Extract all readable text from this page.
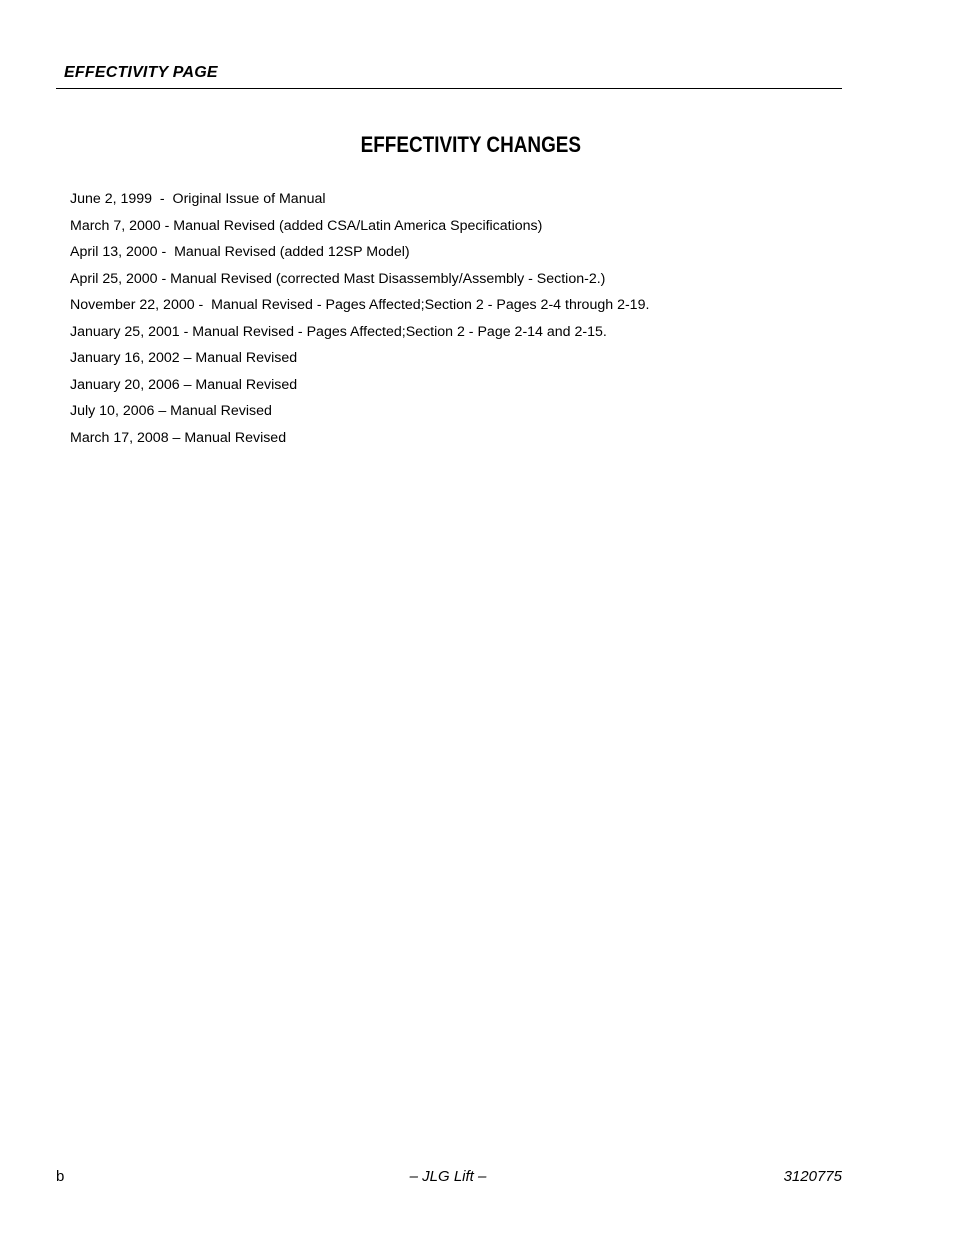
EFFECTIVITY PAGE
EFFECTIVITY CHANGES
June 2, 1999  -  Original Issue of Manual
March 7, 2000 - Manual Revised (added CSA/Latin America Specifications)
April 13, 2000 -  Manual Revised (added 12SP Model)
April 25, 2000 - Manual Revised (corrected Mast Disassembly/Assembly - Section-2.)
November 22, 2000 -  Manual Revised - Pages Affected;Section 2 - Pages 2-4 through 2-19.
January 25, 2001 - Manual Revised - Pages Affected;Section 2 - Page 2-14 and 2-15.
January 16, 2002 – Manual Revised
January 20, 2006 – Manual Revised
July 10, 2006 – Manual Revised
March 17, 2008 – Manual Revised
b	– JLG Lift –	3120775
